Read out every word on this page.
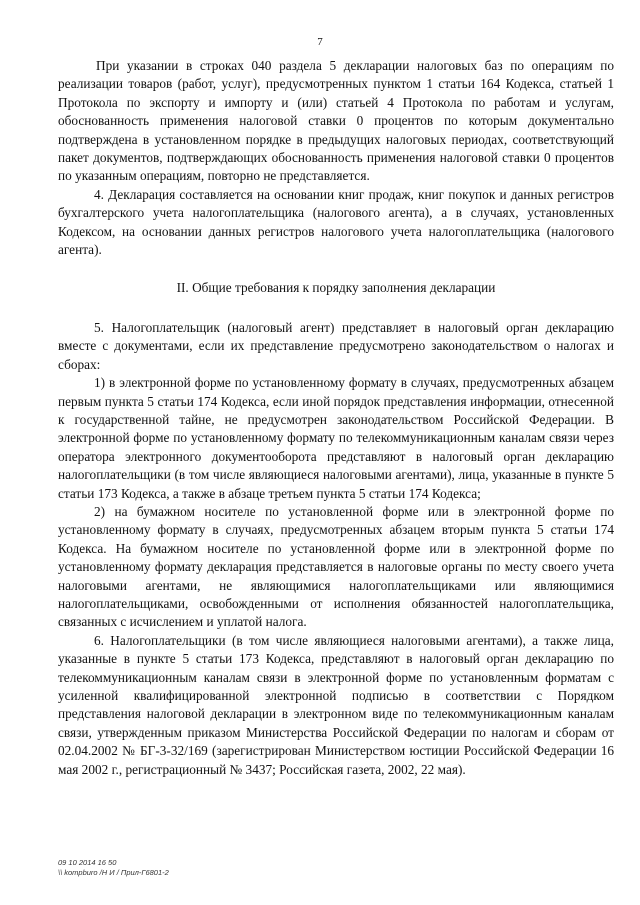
7

При указании в строках 040 раздела 5 декларации налоговых баз по операциям по реализации товаров (работ, услуг), предусмотренных пунктом 1 статьи 164 Кодекса, статьей 1 Протокола по экспорту и импорту и (или) статьей 4 Протокола по работам и услугам, обоснованность применения налоговой ставки 0 процентов по которым документально подтверждена в установленном порядке в предыдущих налоговых периодах, соответствующий пакет документов, подтверждающих обоснованность применения налоговой ставки 0 процентов по указанным операциям, повторно не представляется.

4. Декларация составляется на основании книг продаж, книг покупок и данных регистров бухгалтерского учета налогоплательщика (налогового агента), а в случаях, установленных Кодексом, на основании данных регистров налогового учета налогоплательщика (налогового агента).

II. Общие требования к порядку заполнения декларации

5. Налогоплательщик (налоговый агент) представляет в налоговый орган декларацию вместе с документами, если их представление предусмотрено законодательством о налогах и сборах:

1) в электронной форме по установленному формату в случаях, предусмотренных абзацем первым пункта 5 статьи 174 Кодекса, если иной порядок представления информации, отнесенной к государственной тайне, не предусмотрен законодательством Российской Федерации. В электронной форме по установленному формату по телекоммуникационным каналам связи через оператора электронного документооборота представляют в налоговый орган декларацию налогоплательщики (в том числе являющиеся налоговыми агентами), лица, указанные в пункте 5 статьи 173 Кодекса, а также в абзаце третьем пункта 5 статьи 174 Кодекса;

2) на бумажном носителе по установленной форме или в электронной форме по установленному формату в случаях, предусмотренных абзацем вторым пункта 5 статьи 174 Кодекса. На бумажном носителе по установленной форме или в электронной форме по установленному формату декларация представляется в налоговые органы по месту своего учета налоговыми агентами, не являющимися налогоплательщиками или являющимися налогоплательщиками, освобожденными от исполнения обязанностей налогоплательщика, связанных с исчислением и уплатой налога.

6. Налогоплательщики (в том числе являющиеся налоговыми агентами), а также лица, указанные в пункте 5 статьи 173 Кодекса, представляют в налоговый орган декларацию по телекоммуникационным каналам связи в электронной форме по установленным форматам с усиленной квалифицированной электронной подписью в соответствии с Порядком представления налоговой декларации в электронном виде по телекоммуникационным каналам связи, утвержденным приказом Министерства Российской Федерации по налогам и сборам от 02.04.2002 № БГ-3-32/169 (зарегистрирован Министерством юстиции Российской Федерации 16 мая 2002 г., регистрационный № 3437; Российская газета, 2002, 22 мая).

09 10 2014 16 50
\\ kompburo /Н И / Прил-Г6801-2
